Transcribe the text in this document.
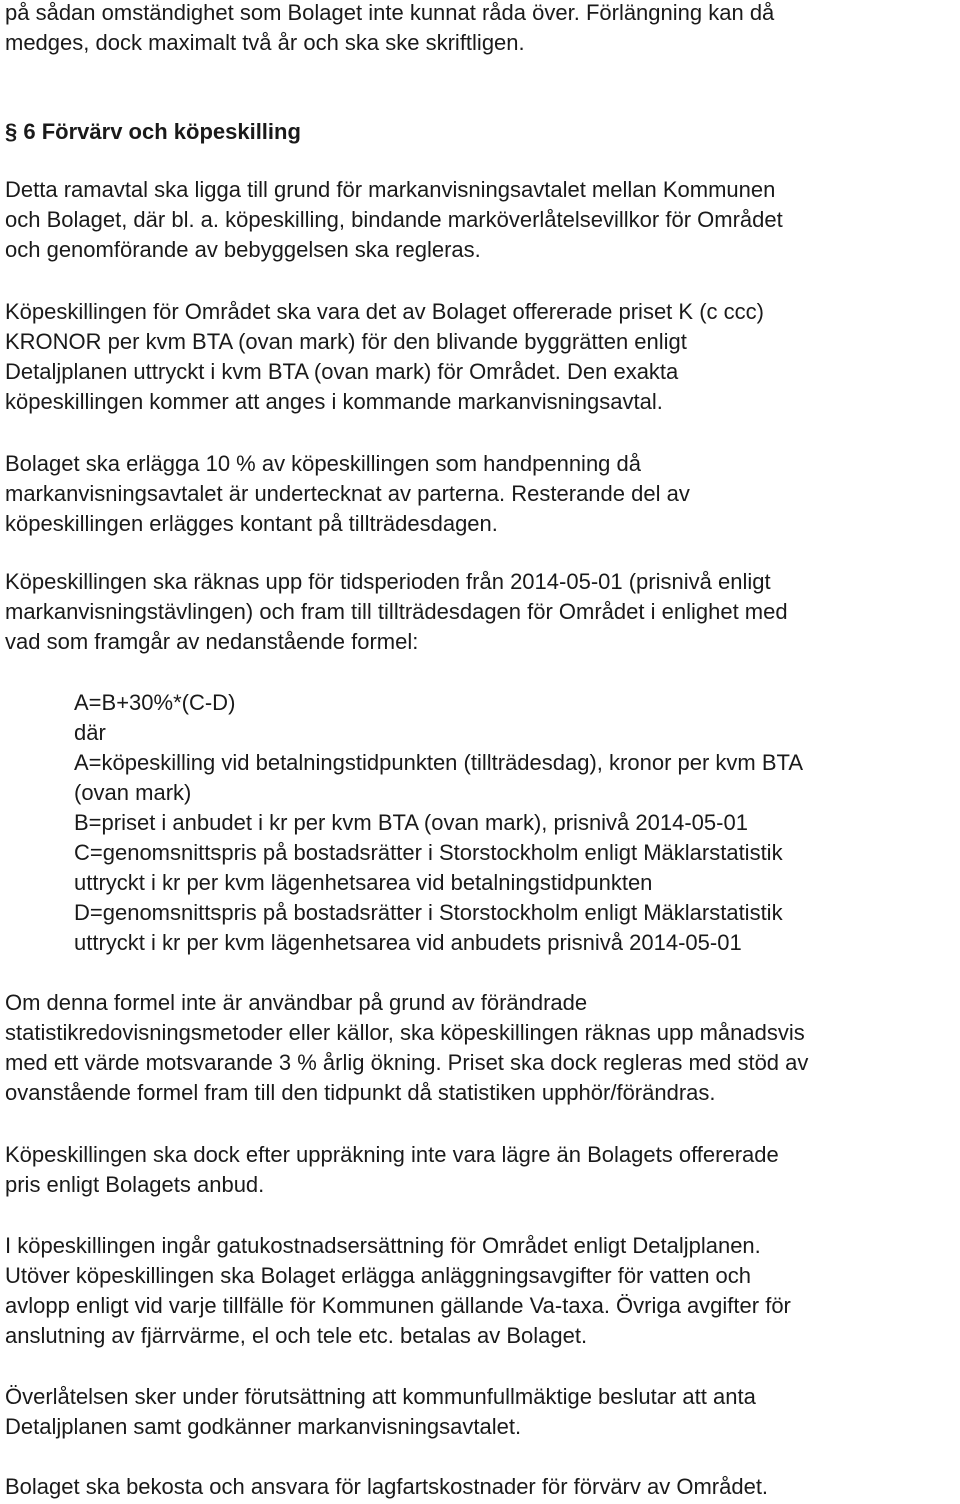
på sådan omständighet som Bolaget inte kunnat råda över. Förlängning kan då

medges, dock maximalt två år och ska ske skriftligen.

§ 6 Förvärv och köpeskilling

Detta ramavtal ska ligga till grund för markanvisningsavtalet mellan Kommunen

och Bolaget, där bl. a. köpeskilling, bindande marköverlåtelsevillkor för Området

och genomförande av bebyggelsen ska regleras.

Köpeskillingen för Området ska vara det av Bolaget offererade priset K (c ccc)

KRONOR per kvm BTA (ovan mark) för den blivande byggrätten enligt

Detaljplanen uttryckt i kvm BTA (ovan mark) för Området. Den exakta

köpeskillingen kommer att anges i kommande markanvisningsavtal.

Bolaget ska erlägga 10 % av köpeskillingen som handpenning då

markanvisningsavtalet är undertecknat av parterna. Resterande del av

köpeskillingen erlägges kontant på tillträdesdagen.

Köpeskillingen ska räknas upp för tidsperioden från 2014-05-01 (prisnivå enligt

markanvisningstävlingen) och fram till tillträdesdagen för Området i enlighet med

vad som framgår av nedanstående formel:

A=B+30%*(C-D)

där

A=köpeskilling vid betalningstidpunkten (tillträdesdag), kronor per kvm BTA

(ovan mark)

B=priset i anbudet i kr per kvm BTA (ovan mark), prisnivå 2014-05-01

C=genomsnittspris på bostadsrätter i Storstockholm enligt Mäklarstatistik

uttryckt i kr per kvm lägenhetsarea vid betalningstidpunkten

D=genomsnittspris på bostadsrätter i Storstockholm enligt Mäklarstatistik

uttryckt i kr per kvm lägenhetsarea vid anbudets prisnivå 2014-05-01

Om denna formel inte är användbar på grund av förändrade

statistikredovisningsmetoder eller källor, ska köpeskillingen räknas upp månadsvis

med ett värde motsvarande 3 % årlig ökning. Priset ska dock regleras med stöd av

ovanstående formel fram till den tidpunkt då statistiken upphör/förändras.

Köpeskillingen ska dock efter uppräkning inte vara lägre än Bolagets offererade

pris enligt Bolagets anbud.

I köpeskillingen ingår gatukostnadsersättning för Området enligt Detaljplanen.

Utöver köpeskillingen ska Bolaget erlägga anläggningsavgifter för vatten och

avlopp enligt vid varje tillfälle för Kommunen gällande Va-taxa. Övriga avgifter för

anslutning av fjärrvärme, el och tele etc. betalas av Bolaget.

Överlåtelsen sker under förutsättning att kommunfullmäktige beslutar att anta

Detaljplanen samt godkänner markanvisningsavtalet.

Bolaget ska bekosta och ansvara för lagfartskostnader för förvärv av Området.
